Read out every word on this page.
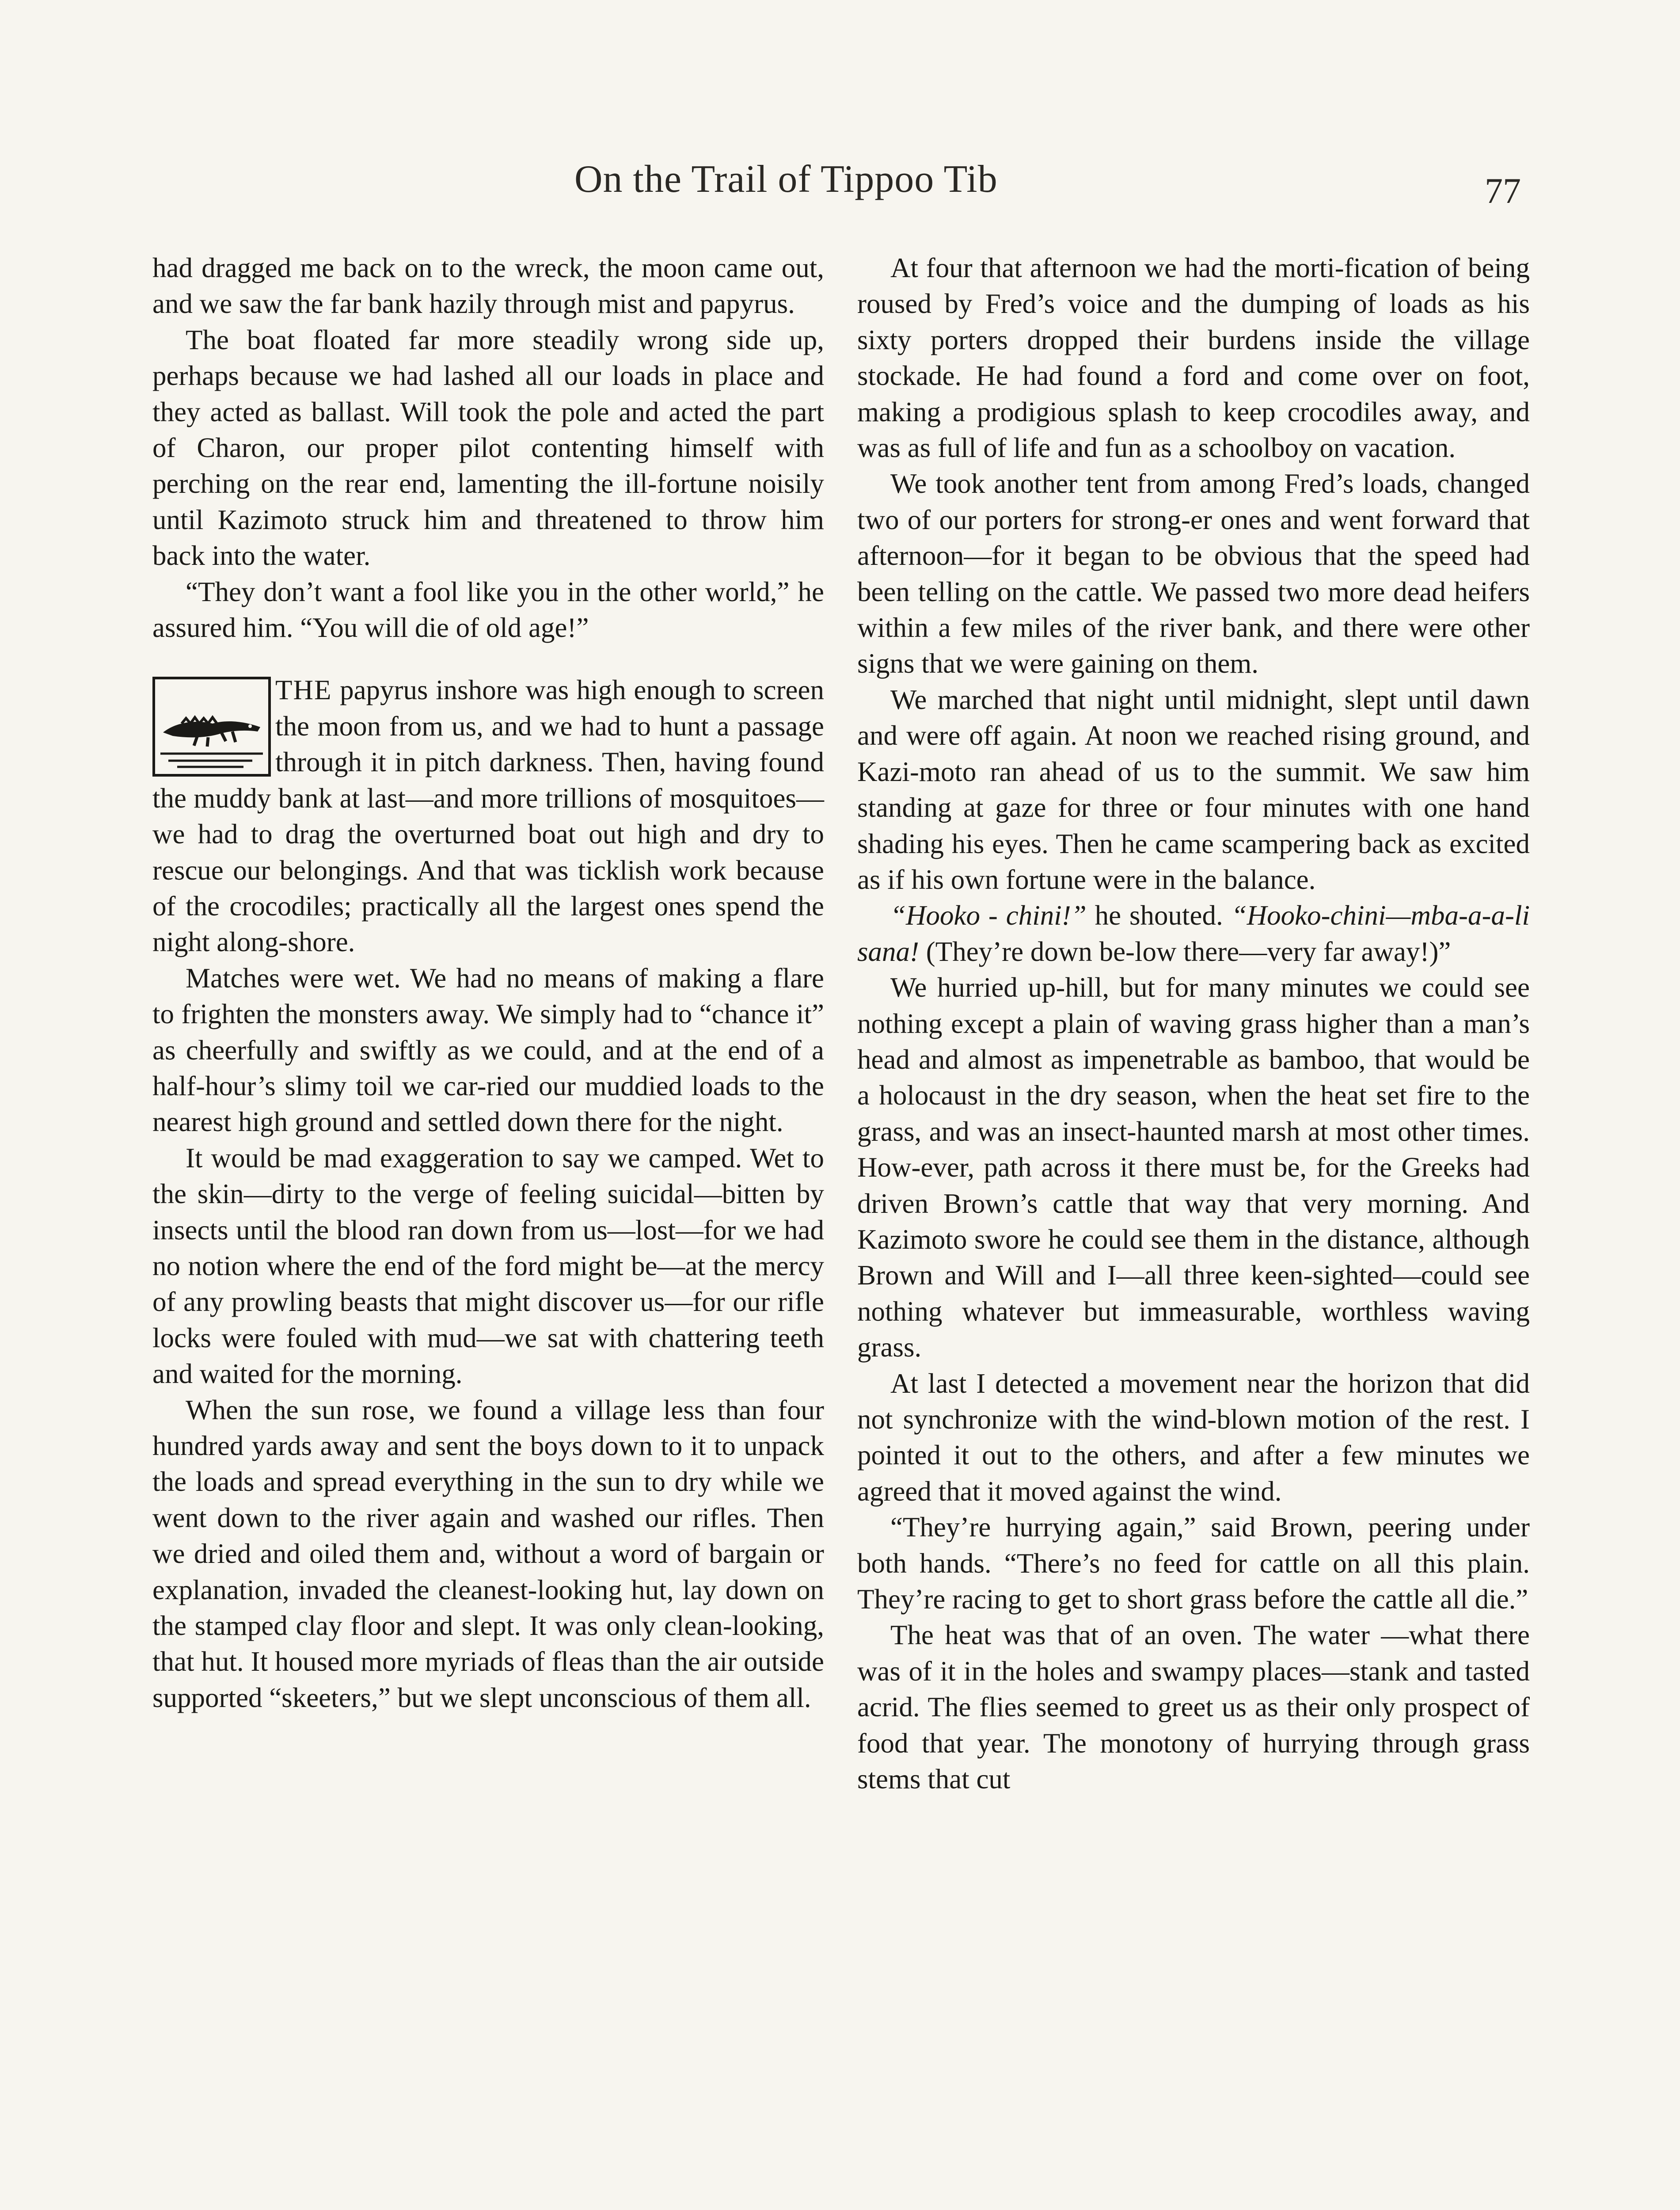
On the Trail of Tippoo Tib	77

had dragged me back on to the wreck, the moon came out, and we saw the far bank hazily through mist and papyrus.

The boat floated far more steadily wrong side up, perhaps because we had lashed all our loads in place and they acted as ballast. Will took the pole and acted the part of Charon, our proper pilot contenting himself with perching on the rear end, lamenting the ill-fortune noisily until Kazimoto struck him and threatened to throw him back into the water.

“They don’t want a fool like you in the other world,” he assured him. “You will die of old age!”

THE papyrus inshore was high enough to screen the moon from us, and we had to hunt a passage through it in pitch darkness. Then, having found the muddy bank at last—and more trillions of mosquitoes—we had to drag the overturned boat out high and dry to rescue our belongings. And that was ticklish work because of the crocodiles; practically all the largest ones spend the night along-shore.

Matches were wet. We had no means of making a flare to frighten the monsters away. We simply had to “chance it” as cheerfully and swiftly as we could, and at the end of a half-hour’s slimy toil we car-ried our muddied loads to the nearest high ground and settled down there for the night.

It would be mad exaggeration to say we camped. Wet to the skin—dirty to the verge of feeling suicidal—bitten by insects until the blood ran down from us—lost—for we had no notion where the end of the ford might be—at the mercy of any prowling beasts that might discover us—for our rifle locks were fouled with mud—we sat with chattering teeth and waited for the morning.

When the sun rose, we found a village less than four hundred yards away and sent the boys down to it to unpack the loads and spread everything in the sun to dry while we went down to the river again and washed our rifles. Then we dried and oiled them and, without a word of bargain or explanation, invaded the cleanest-looking hut, lay down on the stamped clay floor and slept. It was only clean-looking, that hut. It housed more myriads of fleas than the air outside supported “skeeters,” but we slept unconscious of them all.

At four that afternoon we had the morti-fication of being roused by Fred’s voice and the dumping of loads as his sixty porters dropped their burdens inside the village stockade. He had found a ford and come over on foot, making a prodigious splash to keep crocodiles away, and was as full of life and fun as a schoolboy on vacation.

We took another tent from among Fred’s loads, changed two of our porters for strong-er ones and went forward that afternoon—for it began to be obvious that the speed had been telling on the cattle. We passed two more dead heifers within a few miles of the river bank, and there were other signs that we were gaining on them.

We marched that night until midnight, slept until dawn and were off again. At noon we reached rising ground, and Kazi-moto ran ahead of us to the summit. We saw him standing at gaze for three or four minutes with one hand shading his eyes. Then he came scampering back as excited as if his own fortune were in the balance.

“Hooko - chini!” he shouted. “Hooko-chini—mba-a-a-li sana! (They’re down be-low there—very far away!)”

We hurried up-hill, but for many minutes we could see nothing except a plain of waving grass higher than a man’s head and almost as impenetrable as bamboo, that would be a holocaust in the dry season, when the heat set fire to the grass, and was an insect-haunted marsh at most other times. How-ever, path across it there must be, for the Greeks had driven Brown’s cattle that way that very morning. And Kazimoto swore he could see them in the distance, although Brown and Will and I—all three keen-sighted—could see nothing whatever but immeasurable, worthless waving grass.

At last I detected a movement near the horizon that did not synchronize with the wind-blown motion of the rest. I pointed it out to the others, and after a few minutes we agreed that it moved against the wind.

“They’re hurrying again,” said Brown, peering under both hands. “There’s no feed for cattle on all this plain. They’re racing to get to short grass before the cattle all die.”

The heat was that of an oven. The water —what there was of it in the holes and swampy places—stank and tasted acrid. The flies seemed to greet us as their only prospect of food that year. The monotony of hurrying through grass stems that cut
